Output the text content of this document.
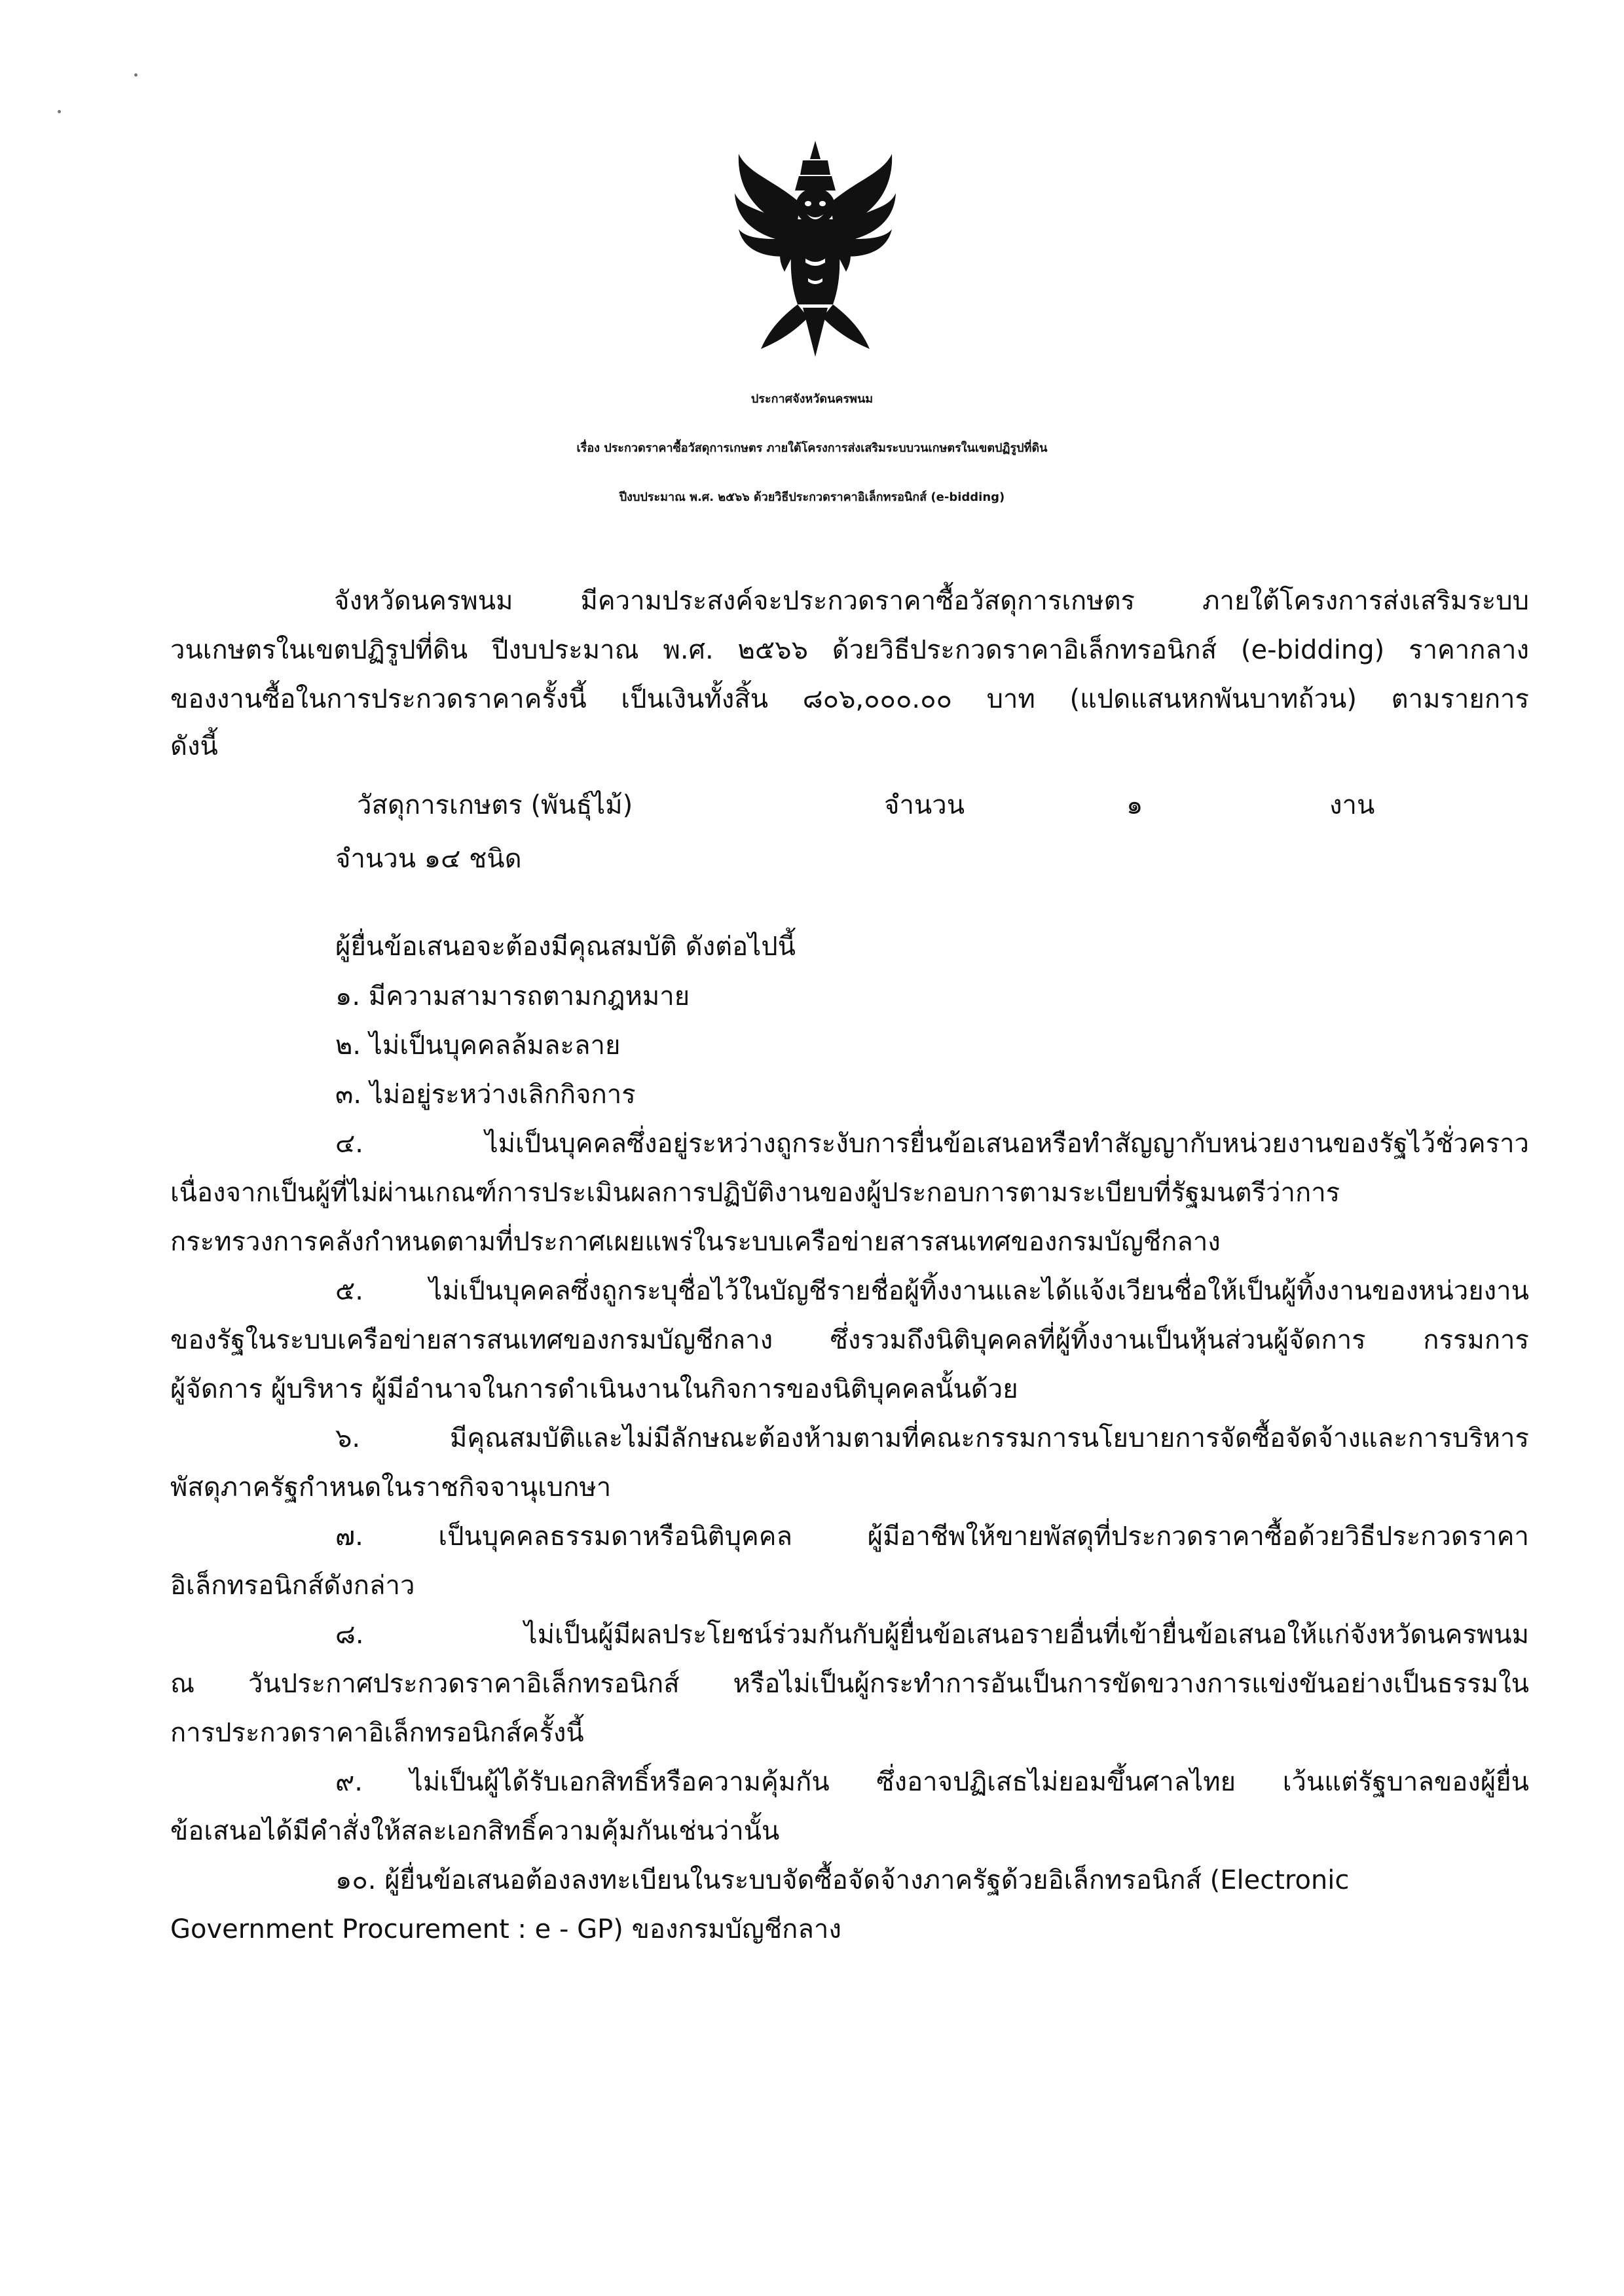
ประกาศจังหวัดนครพนม
เรื่อง ประกวดราคาซื้อวัสดุการเกษตร ภายใต้โครงการส่งเสริมระบบวนเกษตรในเขตปฏิรูปที่ดิน
ปีงบประมาณ พ.ศ. ๒๕๖๖ ด้วยวิธีประกวดราคาอิเล็กทรอนิกส์ (e-bidding)
จังหวัดนครพนม มีความประสงค์จะประกวดราคาซื้อวัสดุการเกษตร ภายใต้โครงการส่งเสริมระบบ
วนเกษตรในเขตปฏิรูปที่ดิน ปีงบประมาณ พ.ศ. ๒๕๖๖ ด้วยวิธีประกวดราคาอิเล็กทรอนิกส์ (e-bidding) ราคากลาง
ของงานซื้อในการประกวดราคาครั้งนี้ เป็นเงินทั้งสิ้น ๘๐๖,๐๐๐.๐๐ บาท (แปดแสนหกพันบาทถ้วน) ตามรายการ
ดังนี้
วัสดุการเกษตร (พันธุ์ไม้)	จำนวน	๑	งาน
จำนวน ๑๔ ชนิด
ผู้ยื่นข้อเสนอจะต้องมีคุณสมบัติ ดังต่อไปนี้
๑. มีความสามารถตามกฎหมาย
๒. ไม่เป็นบุคคลล้มละลาย
๓. ไม่อยู่ระหว่างเลิกกิจการ
๔. ไม่เป็นบุคคลซึ่งอยู่ระหว่างถูกระงับการยื่นข้อเสนอหรือทำสัญญากับหน่วยงานของรัฐไว้ชั่วคราว
เนื่องจากเป็นผู้ที่ไม่ผ่านเกณฑ์การประเมินผลการปฏิบัติงานของผู้ประกอบการตามระเบียบที่รัฐมนตรีว่าการ
กระทรวงการคลังกำหนดตามที่ประกาศเผยแพร่ในระบบเครือข่ายสารสนเทศของกรมบัญชีกลาง
๕. ไม่เป็นบุคคลซึ่งถูกระบุชื่อไว้ในบัญชีรายชื่อผู้ทิ้งงานและได้แจ้งเวียนชื่อให้เป็นผู้ทิ้งงานของหน่วยงาน
ของรัฐในระบบเครือข่ายสารสนเทศของกรมบัญชีกลาง ซึ่งรวมถึงนิติบุคคลที่ผู้ทิ้งงานเป็นหุ้นส่วนผู้จัดการ กรรมการ
ผู้จัดการ ผู้บริหาร ผู้มีอำนาจในการดำเนินงานในกิจการของนิติบุคคลนั้นด้วย
๖. มีคุณสมบัติและไม่มีลักษณะต้องห้ามตามที่คณะกรรมการนโยบายการจัดซื้อจัดจ้างและการบริหาร
พัสดุภาครัฐกำหนดในราชกิจจานุเบกษา
๗. เป็นบุคคลธรรมดาหรือนิติบุคคล ผู้มีอาชีพให้ขายพัสดุที่ประกวดราคาซื้อด้วยวิธีประกวดราคา
อิเล็กทรอนิกส์ดังกล่าว
๘. ไม่เป็นผู้มีผลประโยชน์ร่วมกันกับผู้ยื่นข้อเสนอรายอื่นที่เข้ายื่นข้อเสนอให้แก่จังหวัดนครพนม
ณ วันประกาศประกวดราคาอิเล็กทรอนิกส์ หรือไม่เป็นผู้กระทำการอันเป็นการขัดขวางการแข่งขันอย่างเป็นธรรมใน
การประกวดราคาอิเล็กทรอนิกส์ครั้งนี้
๙. ไม่เป็นผู้ได้รับเอกสิทธิ์หรือความคุ้มกัน ซึ่งอาจปฏิเสธไม่ยอมขึ้นศาลไทย เว้นแต่รัฐบาลของผู้ยื่น
ข้อเสนอได้มีคำสั่งให้สละเอกสิทธิ์ความคุ้มกันเช่นว่านั้น
๑๐. ผู้ยื่นข้อเสนอต้องลงทะเบียนในระบบจัดซื้อจัดจ้างภาครัฐด้วยอิเล็กทรอนิกส์ (Electronic
Government Procurement : e - GP) ของกรมบัญชีกลาง
